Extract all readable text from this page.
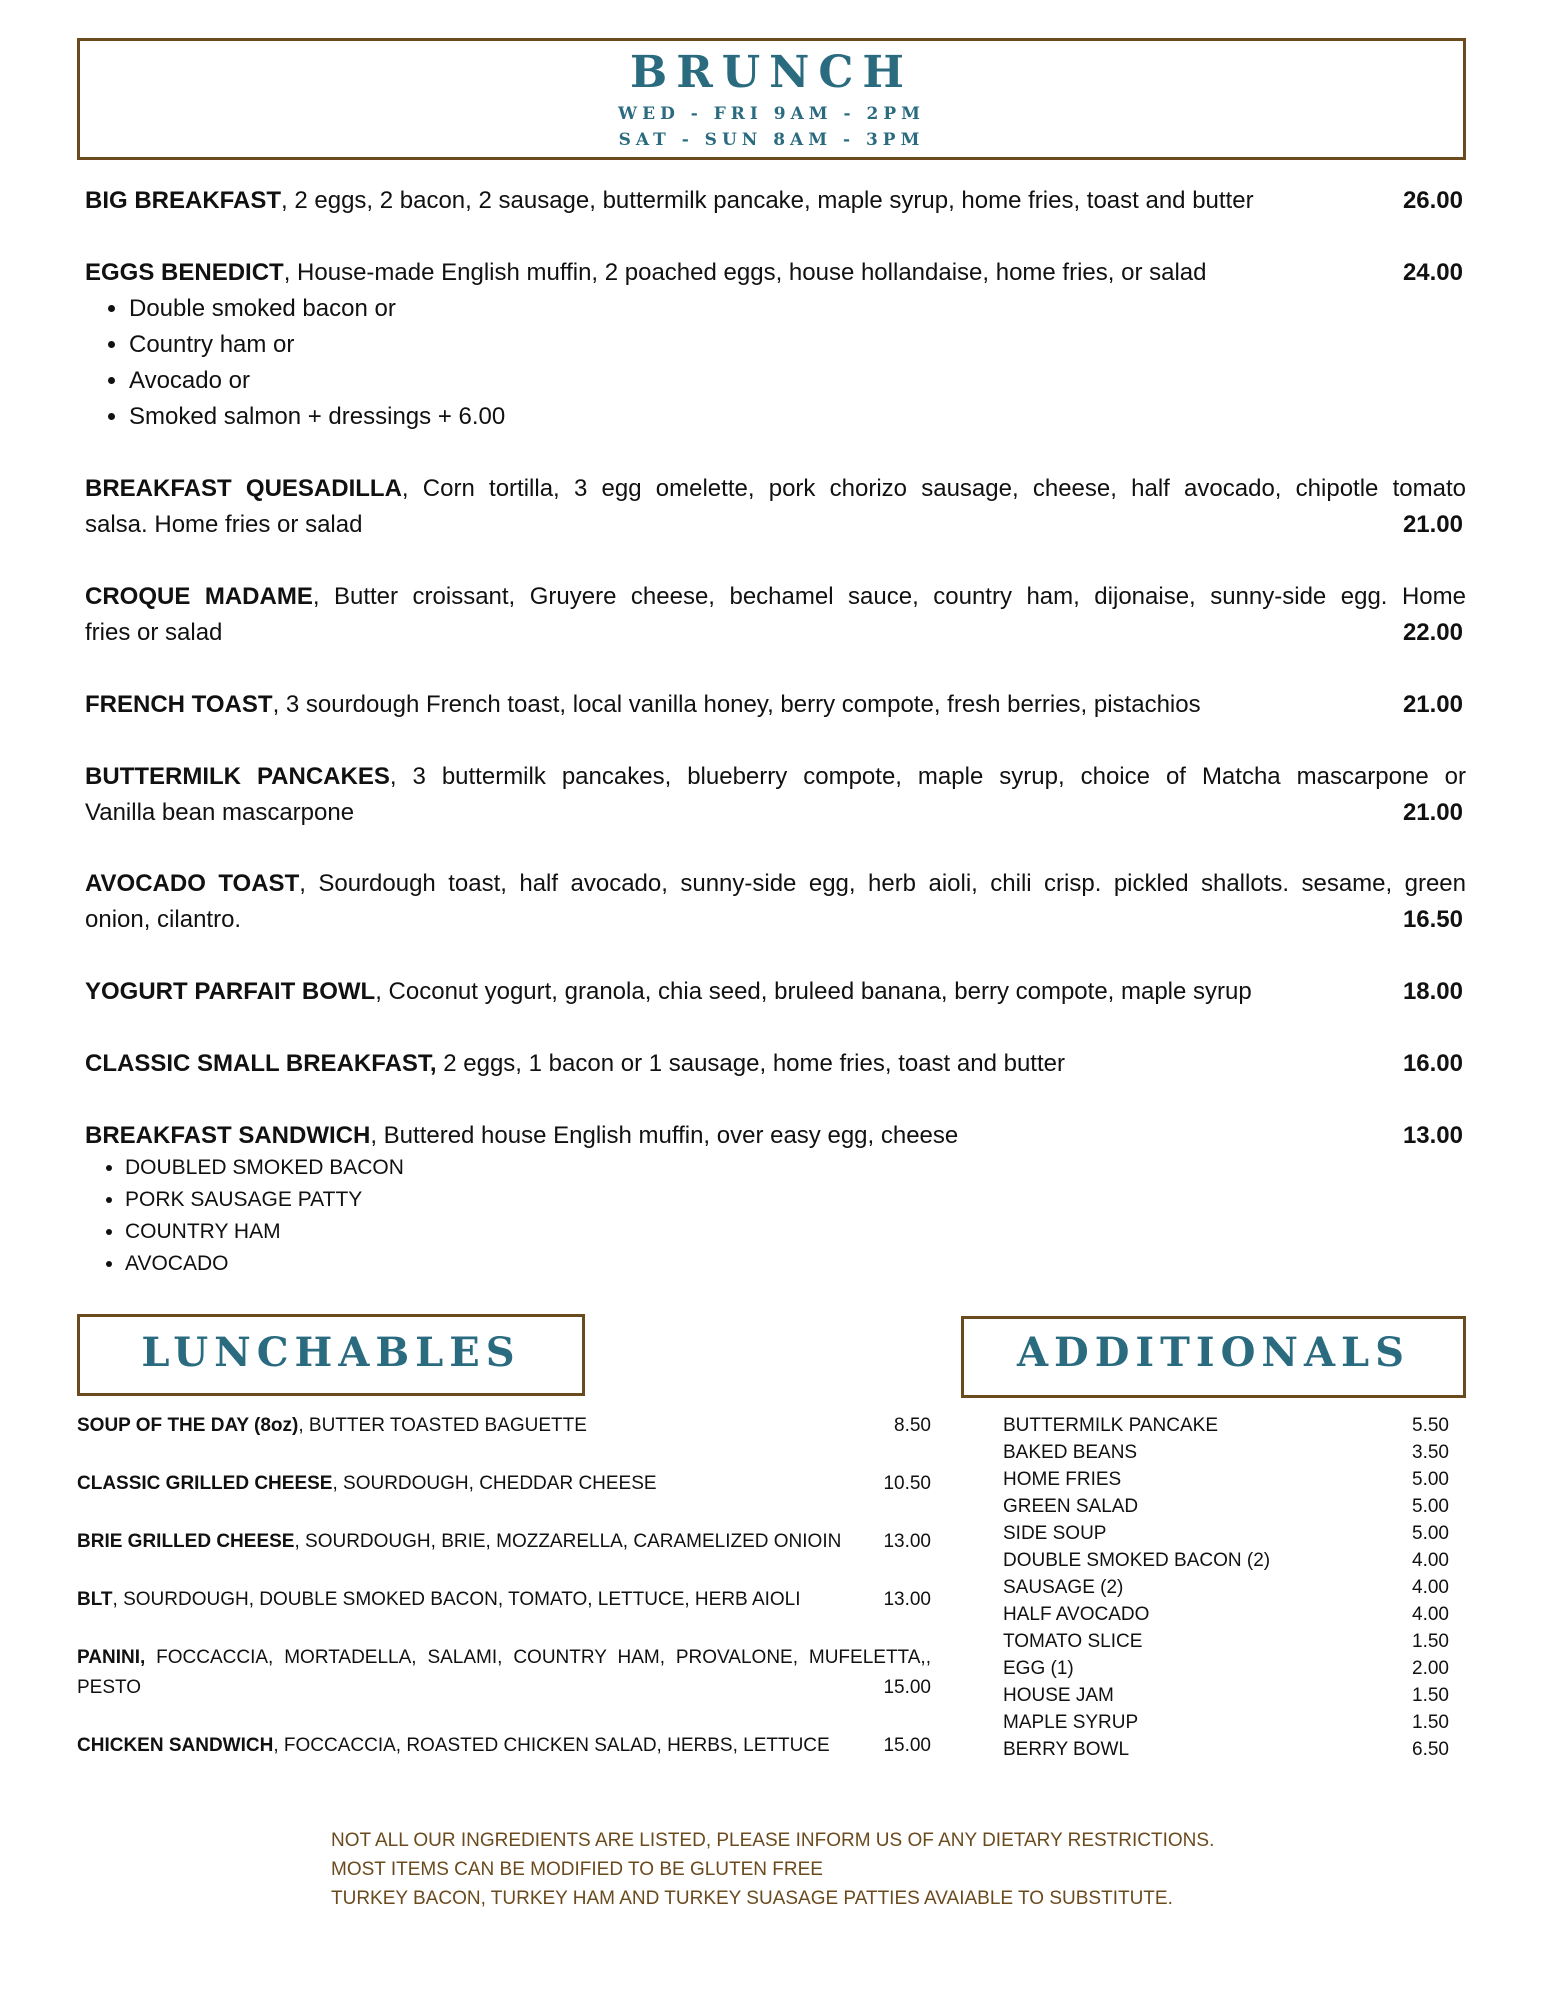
BRUNCH
WED - FRI 9AM - 2PM
SAT - SUN 8AM - 3PM
BIG BREAKFAST, 2 eggs, 2 bacon, 2 sausage, buttermilk pancake, maple syrup, home fries, toast and butter	26.00
EGGS BENEDICT, House-made English muffin, 2 poached eggs, house hollandaise, home fries, or salad	24.00
• Double smoked bacon or
• Country ham or
• Avocado or
• Smoked salmon + dressings + 6.00
BREAKFAST QUESADILLA, Corn tortilla, 3 egg omelette, pork chorizo sausage, cheese, half avocado, chipotle tomato
salsa. Home fries or salad	21.00
CROQUE MADAME, Butter croissant, Gruyere cheese, bechamel sauce, country ham, dijonaise, sunny-side egg. Home
fries or salad	22.00
FRENCH TOAST, 3 sourdough French toast, local vanilla honey, berry compote, fresh berries, pistachios	21.00
BUTTERMILK PANCAKES, 3 buttermilk pancakes, blueberry compote, maple syrup, choice of Matcha mascarpone or
Vanilla bean mascarpone	21.00
AVOCADO TOAST, Sourdough toast, half avocado, sunny-side egg, herb aioli, chili crisp. pickled shallots. sesame, green
onion, cilantro.	16.50
YOGURT PARFAIT BOWL, Coconut yogurt, granola, chia seed, bruleed banana, berry compote, maple syrup	18.00
CLASSIC SMALL BREAKFAST, 2 eggs, 1 bacon or 1 sausage, home fries, toast and butter	16.00
BREAKFAST SANDWICH, Buttered house English muffin, over easy egg, cheese	13.00
• DOUBLED SMOKED BACON
• PORK SAUSAGE PATTY
• COUNTRY HAM
• AVOCADO
LUNCHABLES
SOUP OF THE DAY (8oz), BUTTER TOASTED BAGUETTE	8.50
CLASSIC GRILLED CHEESE, SOURDOUGH, CHEDDAR CHEESE	10.50
BRIE GRILLED CHEESE, SOURDOUGH, BRIE, MOZZARELLA, CARAMELIZED ONIOIN	13.00
BLT, SOURDOUGH, DOUBLE SMOKED BACON, TOMATO, LETTUCE, HERB AIOLI	13.00
PANINI, FOCCACCIA, MORTADELLA, SALAMI, COUNTRY HAM, PROVALONE, MUFELETTA,,
PESTO	15.00
CHICKEN SANDWICH, FOCCACCIA, ROASTED CHICKEN SALAD, HERBS, LETTUCE	15.00
ADDITIONALS
BUTTERMILK PANCAKE	5.50
BAKED BEANS	3.50
HOME FRIES	5.00
GREEN SALAD	5.00
SIDE SOUP	5.00
DOUBLE SMOKED BACON (2)	4.00
SAUSAGE (2)	4.00
HALF AVOCADO	4.00
TOMATO SLICE	1.50
EGG (1)	2.00
HOUSE JAM	1.50
MAPLE SYRUP	1.50
BERRY BOWL	6.50
NOT ALL OUR INGREDIENTS ARE LISTED, PLEASE INFORM US OF ANY DIETARY RESTRICTIONS.
MOST ITEMS CAN BE MODIFIED TO BE GLUTEN FREE
TURKEY BACON, TURKEY HAM AND TURKEY SUASAGE PATTIES AVAIABLE TO SUBSTITUTE.
